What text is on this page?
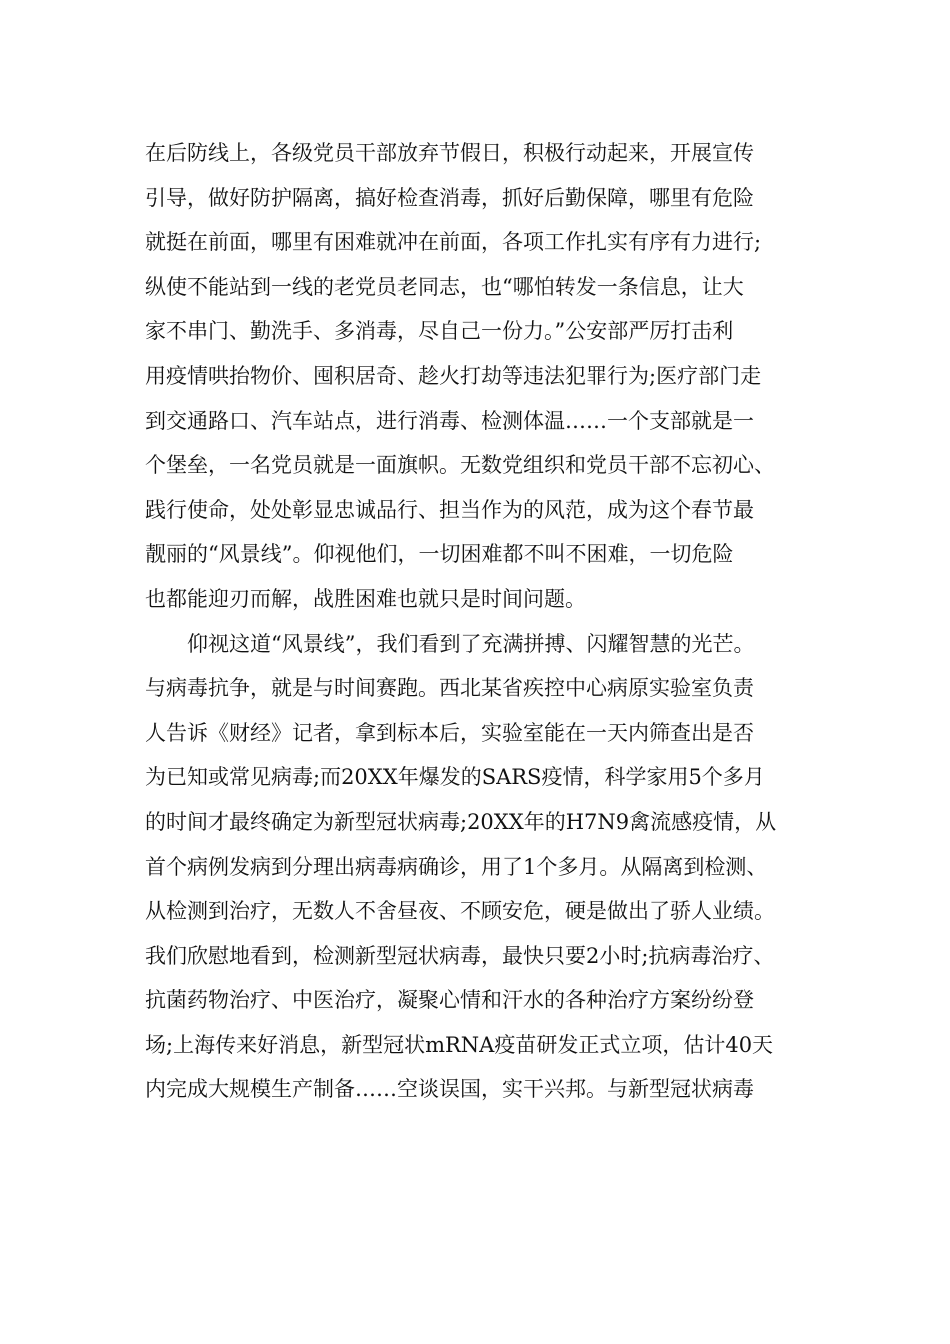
在后防线上，各级党员干部放弃节假日，积极行动起来，开展宣传
引导，做好防护隔离，搞好检查消毒，抓好后勤保障，哪里有危险
就挺在前面，哪里有困难就冲在前面，各项工作扎实有序有力进行;
纵使不能站到一线的老党员老同志，也“哪怕转发一条信息，让大
家不串门、勤洗手、多消毒，尽自己一份力。”公安部严厉打击利
用疫情哄抬物价、囤积居奇、趁火打劫等违法犯罪行为;医疗部门走
到交通路口、汽车站点，进行消毒、检测体温……一个支部就是一
个堡垒，一名党员就是一面旗帜。无数党组织和党员干部不忘初心、
践行使命，处处彰显忠诚品行、担当作为的风范，成为这个春节最
靓丽的“风景线”。仰视他们，一切困难都不叫不困难，一切危险
也都能迎刃而解，战胜困难也就只是时间问题。
仰视这道“风景线”，我们看到了充满拼搏、闪耀智慧的光芒。
与病毒抗争，就是与时间赛跑。西北某省疾控中心病原实验室负责
人告诉《财经》记者，拿到标本后，实验室能在一天内筛查出是否
为已知或常见病毒;而20XX年爆发的SARS疫情，科学家用5个多月
的时间才最终确定为新型冠状病毒;20XX年的H7N9禽流感疫情，从
首个病例发病到分理出病毒病确诊，用了1个多月。从隔离到检测、
从检测到治疗，无数人不舍昼夜、不顾安危，硬是做出了骄人业绩。
我们欣慰地看到，检测新型冠状病毒，最快只要2小时;抗病毒治疗、
抗菌药物治疗、中医治疗，凝聚心情和汗水的各种治疗方案纷纷登
场;上海传来好消息，新型冠状mRNA疫苗研发正式立项，估计40天
内完成大规模生产制备……空谈误国，实干兴邦。与新型冠状病毒
